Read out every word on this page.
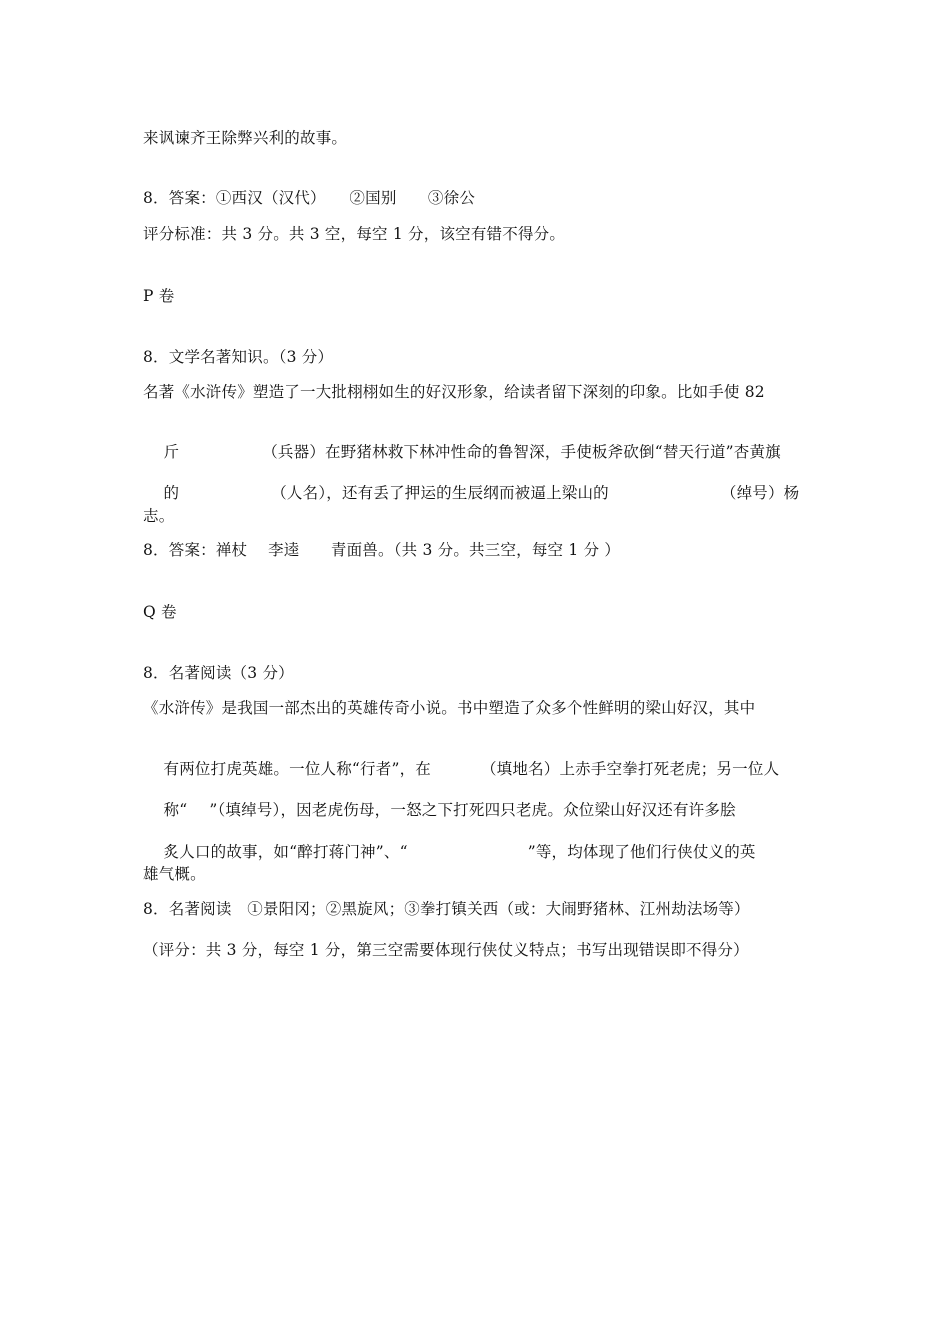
来讽谏齐王除弊兴利的故事。
8．答案：①西汉（汉代）　　②国别　　③徐公
评分标准：共 3 分。共 3 空，每空 1 分，该空有错不得分。
P 卷
8．文学名著知识。（3 分）
名著《水浒传》塑造了一大批栩栩如生的好汉形象，给读者留下深刻的印象。比如手使 82

斤	（兵器）在野猪林救下林冲性命的鲁智深，手使板斧砍倒“替天行道”杏黄旗

的	（人名），还有丢了押运的生辰纲而被逼上梁山的	（绰号）杨

志。
8．答案：禅杖　 李逵　　青面兽。（共 3 分。共三空，每空 1 分 ）
Q 卷
8．名著阅读（3 分）
《水浒传》是我国一部杰出的英雄传奇小说。书中塑造了众多个性鲜明的梁山好汉，其中

有两位打虎英雄。一位人称“行者”，在	（填地名）上赤手空拳打死老虎；另一位人

称“ ”（填绰号），因老虎伤母，一怒之下打死四只老虎。众位梁山好汉还有许多脍

炙人口的故事，如“醉打蒋门神”、“	”等，均体现了他们行侠仗义的英

雄气概。
8．名著阅读　①景阳冈；②黑旋风；③拳打镇关西（或：大闹野猪林、江州劫法场等）
（评分：共 3 分，每空 1 分，第三空需要体现行侠仗义特点；书写出现错误即不得分）
